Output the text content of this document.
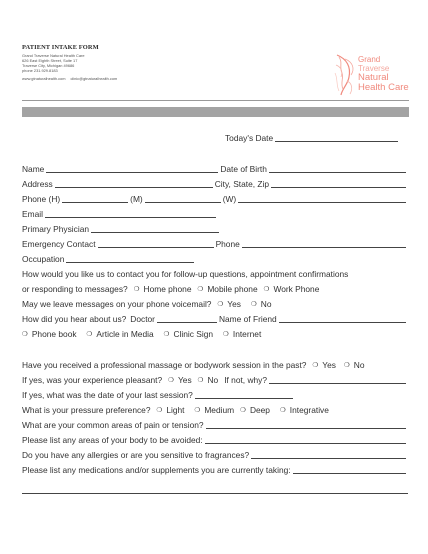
PATIENT INTAKE FORM
Grand Traverse Natural Health Care
626 East Eighth Street, Suite 17
Traverse City, Michigan 49686
phone 231.929.8183
www.gtnaturalhealth.com clinic@gtnaturalhealth.com
Grand
Traverse
Natural
Health Care
Today's Date
Name	Date of Birth
Address	City, State, Zip
Phone (H)	(M)	(W)
Email
Primary Physician
Emergency Contact	Phone
Occupation
How would you like us to contact you for follow-up questions, appointment confirmations
or responding to messages? ❍ Home phone ❍ Mobile phone ❍ Work Phone
May we leave messages on your phone voicemail? ❍ Yes ❍ No
How did you hear about us? Doctor	Name of Friend
❍ Phone book ❍ Article in Media ❍ Clinic Sign ❍ Internet
Have you received a professional massage or bodywork session in the past? ❍ Yes ❍ No
If yes, was your experience pleasant? ❍ Yes ❍ No If not, why?
If yes, what was the date of your last session?
What is your pressure preference? ❍ Light ❍ Medium ❍ Deep ❍ Integrative
What are your common areas of pain or tension?
Please list any areas of your body to be avoided:
Do you have any allergies or are you sensitive to fragrances?
Please list any medications and/or supplements you are currently taking:
